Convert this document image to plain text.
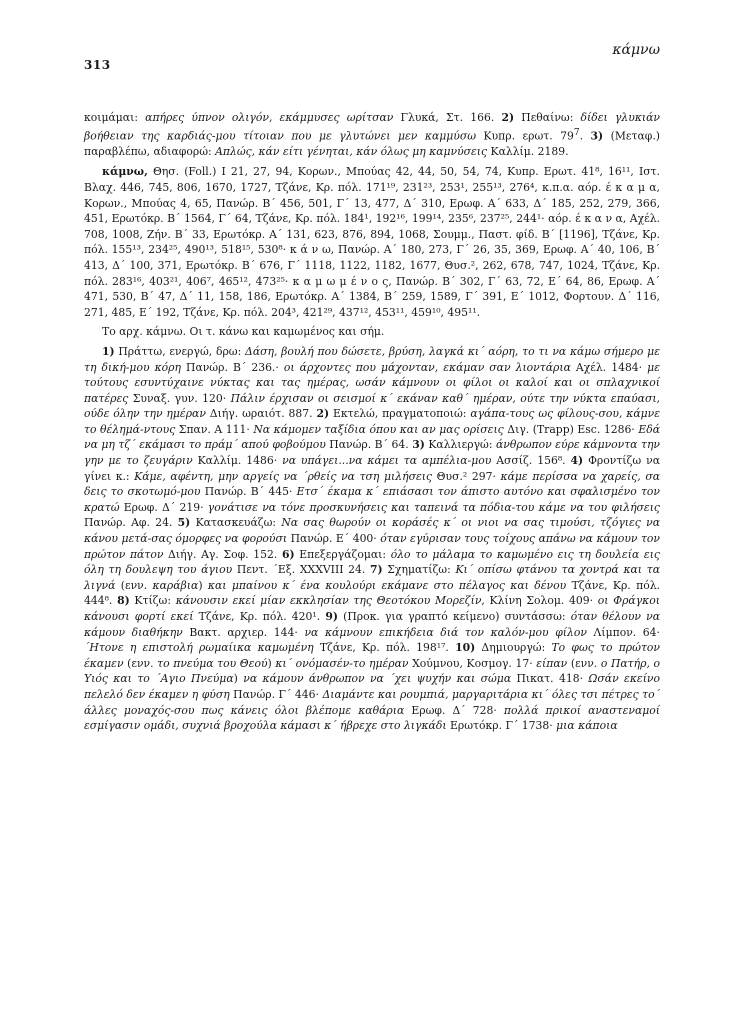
313
κάμνω

κοιμάμαι: απήρες ύπνον ολιγόν, εκάμμυσες ωρίτσαν Γλυκά, Στ. 166. 2) Πεθαίνω: δίδει γλυκιάν βοήθειαν της καρδιάς-μου τίτοιαν που με γλυτώνει μεν καμμύσω Κυπρ. ερωτ. $79^7$. 3) (Μεταφ.) παραβλέπω, αδιαφορώ: Απλώς, κάν είτι γένηται, κάν όλως μη καμνύσεις Καλλίμ. 2189.

κάμνω, Θησ. (Foll.) Ι 21, 27, 94, Κορων., Μπούας 42, 44, 50, 54, 74, Κυπρ. Ερωτ. 41⁸, 16¹¹, Ιστ. Βλαχ. 446, 745, 806, 1670, 1727, Τζάνε, Κρ. πόλ. 171¹⁹, 231²³, 253¹, 255¹³, 276⁴, κ.π.α. αόρ. έ κ α μ α, Κορων., Μπούας 4, 65, Πανώρ. Β΄ 456, 501, Γ΄ 13, 477, Δ΄ 310, Ερωφ. Α΄ 633, Δ΄ 185, 252, 279, 366, 451, Ερωτόκρ. Β΄ 1564, Γ΄ 64, Τζάνε, Κρ. πόλ. 184¹, 192¹⁶, 199¹⁴, 235⁶, 237²⁵, 244¹· αόρ. έ κ α ν α, Αχέλ. 708, 1008, Ζήν. Β΄ 33, Ερωτόκρ. Α΄ 131, 623, 876, 894, 1068, Σουμμ., Παστ. φίδ. Β΄ [1196], Τζάνε, Κρ. πόλ. 155¹³, 234²⁵, 490¹³, 518¹⁵, 530⁸· κ ά ν ω, Πανώρ. Α΄ 180, 273, Γ΄ 26, 35, 369, Ερωφ. Α΄ 40, 106, Β΄ 413, Δ΄ 100, 371, Ερωτόκρ. Β΄ 676, Γ΄ 1118, 1122, 1182, 1677, Θυσ.², 262, 678, 747, 1024, Τζάνε, Κρ. πόλ. 283¹⁶, 403²¹, 406⁷, 465¹², 473²⁵· κ α μ ω μ έ ν ο ς, Πανώρ. Β΄ 302, Γ΄ 63, 72, Ε΄ 64, 86, Ερωφ. Α΄ 471, 530, Β΄ 47, Δ΄ 11, 158, 186, Ερωτόκρ. Α΄ 1384, Β΄ 259, 1589, Γ΄ 391, Ε΄ 1012, Φορτουν. Δ΄ 116, 271, 485, Ε΄ 192, Τζάνε, Κρ. πόλ. 204³, 421²⁹, 437¹², 453¹¹, 459¹⁰, 495¹¹.

Το αρχ. κάμνω. Οι τ. κάνω και καμωμένος και σήμ.

1) Πράττω, ενεργώ, δρω: Δάση, βουλή που δώσετε, βρύση, λαγκά κι΄ αόρη, το τι να κάμω σήμερο με τη δική-μου κόρη Πανώρ. Β΄ 236.· οι άρχοντες που μάχονταν, εκάμαν σαν λιοντάρια Αχέλ. 1484· με τούτους εσυντύχαινε νύκτας και τας ημέρας, ωσάν κάμνουν οι φίλοι οι καλοί και οι σπλαχνικοί πατέρες Συναξ. γυν. 120· Πάλιν έρχισαν οι σεισμοί κ΄ εκάναν καθ΄ ημέραν, ούτε την νύκτα επαύασι, ούδε όλην την ημέραν Διήγ. ωραιότ. 887. 2) Εκτελώ, πραγματοποιώ: αγάπα-τους ως φίλους-σου, κάμνε το θέλημά-ντους Σπαν. Α 111· Να κάμομεν ταξίδια όπου και αν μας ορίσεις Διγ. (Trapp) Esc. 1286· Εδά να μη τζ΄ εκάμασι το πράμ΄ απού φοβούμου Πανώρ. Β΄ 64. 3) Καλλιεργώ: άνθρωπον εύρε κάμνοντα την γην με το ζευγάριν Καλλίμ. 1486· να υπάγει...να κάμει τα αμπέλια-μου Ασσίζ. 156⁸. 4) Φροντίζω να γίνει κ.: Κάμε, αφέντη, μην αργείς να ΄ρθείς να τση μιλήσεις Θυσ.² 297· κάμε περίσσα να χαρείς, σα δεις το σκοτωμό-μου Πανώρ. Β΄ 445· Ετσ΄ έκαμα κ΄ επιάσασι τον άπιστο αυτόνο και σφαλισμένο τον κρατώ Ερωφ. Δ΄ 219· γονάτισε να τόνε προσκυνήσεις και ταπεινά τα πόδια-του κάμε να του φιλήσεις Πανώρ. Αφ. 24. 5) Κατασκευάζω: Να σας θωρούν οι κοράσές κ΄ οι νιοι να σας τιμούσι, τζόγιες να κάνου μετά-σας όμορφες να φορούσι Πανώρ. Ε΄ 400· όταν εγύρισαν τους τοίχους απάνω να κάμουν τον πρώτον πάτον Διήγ. Αγ. Σοφ. 152. 6) Επεξεργάζομαι: όλο το μάλαμα το καμωμένο εις τη δουλεία εις όλη τη δουλεψη του άγιου Πεντ. ΄Εξ. ΧΧΧVIII 24. 7) Σχηματίζω: Κι΄ οπίσω φτάνου τα χοντρά και τα λιγνά (ενν. καράβια) και μπαίνου κ΄ ένα κουλούρι εκάμανε στο πέλαγος και δένου Τζάνε, Κρ. πόλ. 444⁸. 8) Κτίζω: κάνουσιν εκεί μίαν εκκλησίαν της Θεοτόκου Μορεζίν, Κλίνη Σολομ. 409· οι Φράγκοι κάνουσι φορτί εκεί Τζάνε, Κρ. πόλ. 420¹. 9) (Προκ. για γραπτό κείμενο) συντάσσω: όταν θέλουν να κάμουν διαθήκην Βακτ. αρχιερ. 144· να κάμνουν επικήδεια διά τον καλόν-μου φίλον Λίμπον. 64· ΄Ητονε η επιστολή ρωμαίικα καμωμένη Τζάνε, Κρ. πόλ. 198¹⁷. 10) Δημιουργώ: Το φως το πρώτον έκαμεν (ενν. το πνεύμα του Θεού) κι΄ ονόμασέν-το ημέραν Χούμνου, Κοσμογ. 17· είπαν (ενν. ο Πατήρ, ο Υιός και το ΄Αγιο Πνεύμα) να κάμουν άνθρωπον να ΄χει ψυχήν και σώμα Πικατ. 418· Ωσάν εκείνο πελελό δεν έκαμεν η φύση Πανώρ. Γ΄ 446· Διαμάντε και ρουμπιά, μαργαριτάρια κι΄ όλες τσι πέτρες το΄ άλλες μοναχός-σου πως κάνεις όλοι βλέπομε καθάρια Ερωφ. Δ΄ 728· πολλά πρικοί αναστεναμοί εσμίγασιν ομάδι, συχνιά βροχούλα κάμασι κ΄ ήβρεχε στο λιγκάδι Ερωτόκρ. Γ΄ 1738· μια κάποια
